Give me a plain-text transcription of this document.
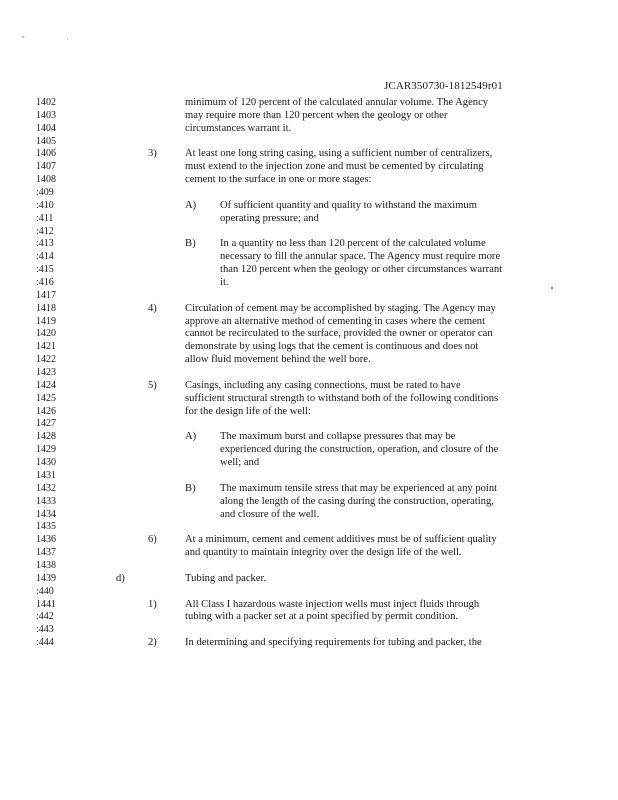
" ·
JCAR350730-1812549r01
1402
1403
1404
1405
1406
1407
1408
:409
:410
:411
:412
:413
:414
:415
:416
1417
1418
1419
1420
1421
1422
1423
1424
1425
1426
1427
1428
1429
1430
1431
1432
1433
1434
1435
1436
1437
1438
1439
:440
1441
:442
:443
:444
minimum of 120 percent of the calculated annular volume. The Agency
may require more than 120 percent when the geology or other
circumstances warrant it.
3)	At least one long string casing, using a sufficient number of centralizers,
must extend to the injection zone and must be cemented by circulating
cement to the surface in one or more stages:
A) Of sufficient quantity and quality to withstand the maximum
operating pressure; and
B) In a quantity no less than 120 percent of the calculated volume
necessary to fill the annular space. The Agency must require more
than 120 percent when the geology or other circumstances warrant
it.
4)	Circulation of cement may be accomplished by staging. The Agency may
approve an alternative method of cementing in cases where the cement
cannot be recirculated to the surface, provided the owner or operator can
demonstrate by using logs that the cement is continuous and does not
allow fluid movement behind the well bore.
5)	Casings, including any casing connections, must be rated to have
sufficient structural strength to withstand both of the following conditions
for the design life of the well:
A) The maximum burst and collapse pressures that may be
experienced during the construction, operation, and closure of the
well; and
B) The maximum tensile stress that may be experienced at any point
along the length of the casing during the construction, operating,
and closure of the well.
6)	At a minimum, cement and cement additives must be of sufficient quality
and quantity to maintain integrity over the design life of the well.
d)	Tubing and packer.
1)	All Class I hazardous waste injection wells must inject fluids through
tubing with a packer set at a point specified by permit condition.
2)	In determining and specifying requirements for tubing and packer, the
